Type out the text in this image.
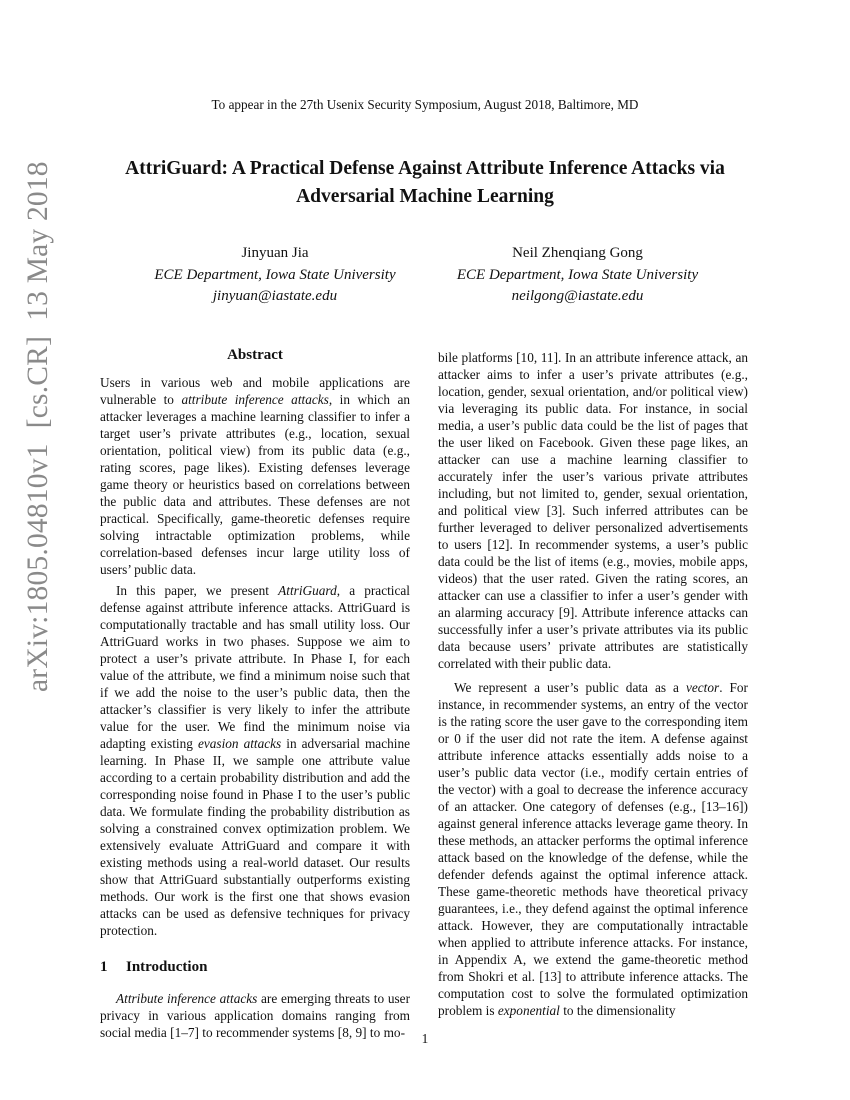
To appear in the 27th Usenix Security Symposium, August 2018, Baltimore, MD
AttriGuard: A Practical Defense Against Attribute Inference Attacks via Adversarial Machine Learning
Jinyuan Jia
ECE Department, Iowa State University
jinyuan@iastate.edu
Neil Zhenqiang Gong
ECE Department, Iowa State University
neilgong@iastate.edu
arXiv:1805.04810v1  [cs.CR]  13 May 2018	Abstract

Users in various web and mobile applications are vulnerable to attribute inference attacks, in which an attacker leverages a machine learning classifier to infer a target user’s private attributes (e.g., location, sexual orientation, political view) from its public data (e.g., rating scores, page likes). Existing defenses leverage game theory or heuristics based on correlations between the public data and attributes. These defenses are not practical. Specifically, game-theoretic defenses require solving intractable optimization problems, while correlation-based defenses incur large utility loss of users’ public data.

In this paper, we present AttriGuard, a practical defense against attribute inference attacks. AttriGuard is computationally tractable and has small utility loss. Our AttriGuard works in two phases. Suppose we aim to protect a user’s private attribute. In Phase I, for each value of the attribute, we find a minimum noise such that if we add the noise to the user’s public data, then the attacker’s classifier is very likely to infer the attribute value for the user. We find the minimum noise via adapting existing evasion attacks in adversarial machine learning. In Phase II, we sample one attribute value according to a certain probability distribution and add the corresponding noise found in Phase I to the user’s public data. We formulate finding the probability distribution as solving a constrained convex optimization problem. We extensively evaluate AttriGuard and compare it with existing methods using a real-world dataset. Our results show that AttriGuard substantially outperforms existing methods. Our work is the first one that shows evasion attacks can be used as defensive techniques for privacy protection.

1 Introduction

Attribute inference attacks are emerging threats to user privacy in various application domains ranging from social media [1–7] to recommender systems [8, 9] to mo-

bile platforms [10, 11]. In an attribute inference attack, an attacker aims to infer a user’s private attributes (e.g., location, gender, sexual orientation, and/or political view) via leveraging its public data. For instance, in social media, a user’s public data could be the list of pages that the user liked on Facebook. Given these page likes, an attacker can use a machine learning classifier to accurately infer the user’s various private attributes including, but not limited to, gender, sexual orientation, and political view [3]. Such inferred attributes can be further leveraged to deliver personalized advertisements to users [12]. In recommender systems, a user’s public data could be the list of items (e.g., movies, mobile apps, videos) that the user rated. Given the rating scores, an attacker can use a classifier to infer a user’s gender with an alarming accuracy [9]. Attribute inference attacks can successfully infer a user’s private attributes via its public data because users’ private attributes are statistically correlated with their public data.

We represent a user’s public data as a vector. For instance, in recommender systems, an entry of the vector is the rating score the user gave to the corresponding item or 0 if the user did not rate the item. A defense against attribute inference attacks essentially adds noise to a user’s public data vector (i.e., modify certain entries of the vector) with a goal to decrease the inference accuracy of an attacker. One category of defenses (e.g., [13–16]) against general inference attacks leverage game theory. In these methods, an attacker performs the optimal inference attack based on the knowledge of the defense, while the defender defends against the optimal inference attack. These game-theoretic methods have theoretical privacy guarantees, i.e., they defend against the optimal inference attack. However, they are computationally intractable when applied to attribute inference attacks. For instance, in Appendix A, we extend the game-theoretic method from Shokri et al. [13] to attribute inference attacks. The computation cost to solve the formulated optimization problem is exponential to the dimensionality

1
